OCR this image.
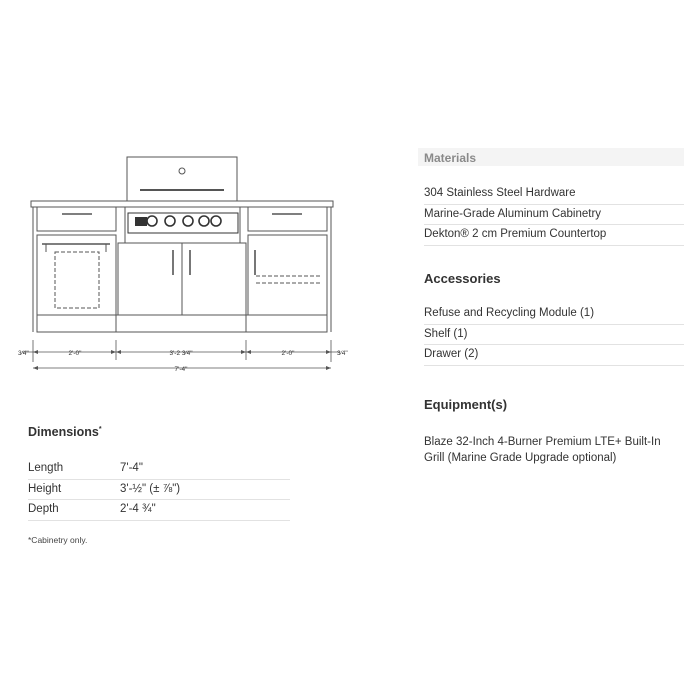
3⁄4"	3⁄4"
2'-0"	3'-2 3⁄4"	2'-0"
7'-4"
Materials
304 Stainless Steel Hardware
Marine-Grade Aluminum Cabinetry
Dekton® 2 cm Premium Countertop
Accessories
Refuse and Recycling Module (1)
Shelf (1)
Drawer (2)
Equipment(s)
Blaze 32-Inch 4-Burner Premium LTE+ Built-In Grill (Marine Grade Upgrade optional)
Dimensions*
Length	7'-4"
Height	3'-½" (± ⅞")
Depth	2'-4 ¾"
*Cabinetry only.
